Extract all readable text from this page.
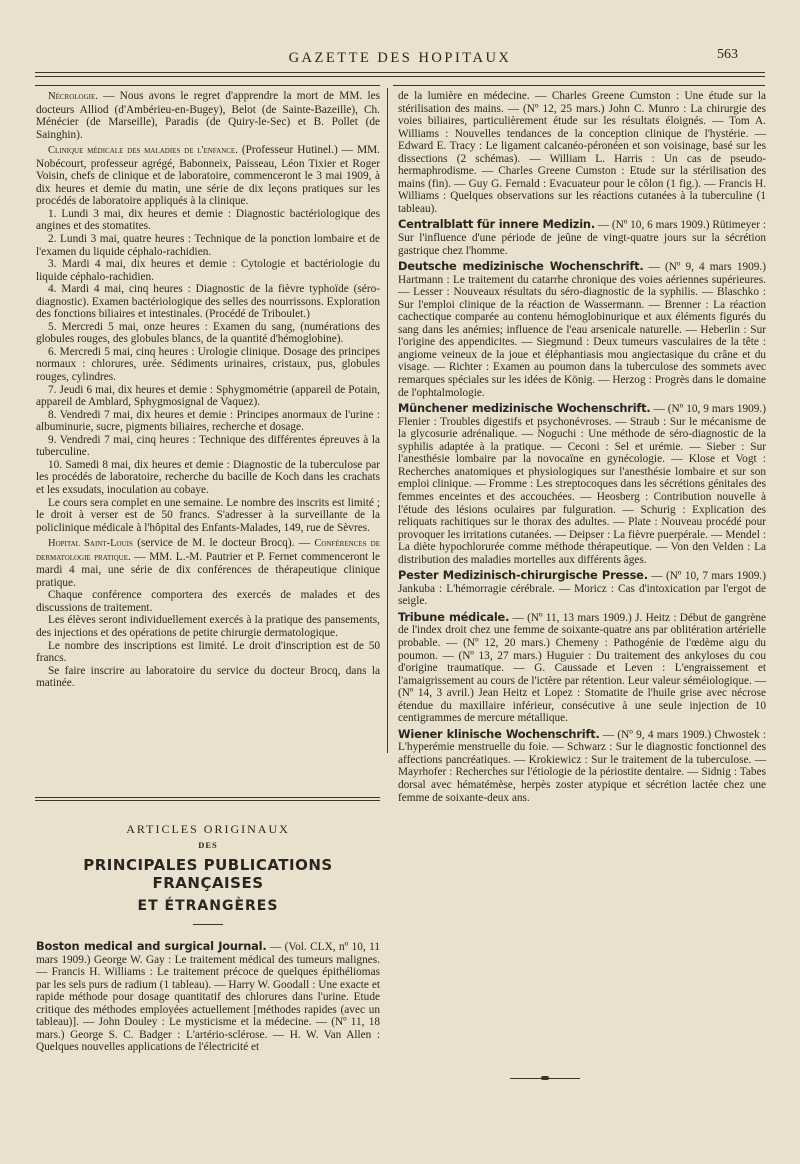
GAZETTE DES HOPITAUX	563

Nécrologie. — Nous avons le regret d'apprendre la mort de MM. les docteurs Alliod (d'Ambérieu-en-Bugey), Belot (de Sainte-Bazeille), Ch. Ménécier (de Marseille), Paradis (de Quiry-le-Sec) et B. Pollet (de Sainghin).

Clinique médicale des maladies de l'enfance. (Professeur Hutinel.) — MM. Nobécourt, professeur agrégé, Babonneix, Paisseau, Léon Tixier et Roger Voisin, chefs de clinique et de laboratoire, commenceront le 3 mai 1909, à dix heures et demie du matin, une série de dix leçons pratiques sur les procédés de laboratoire appliqués à la clinique.

1. Lundi 3 mai, dix heures et demie : Diagnostic bactériologique des angines et des stomatites.

2. Lundi 3 mai, quatre heures : Technique de la ponction lombaire et de l'examen du liquide céphalo-rachidien.

3. Mardi 4 mai, dix heures et demie : Cytologie et bactériologie du liquide céphalo-rachidien.

4. Mardi 4 mai, cinq heures : Diagnostic de la fièvre typhoïde (séro-diagnostic). Examen bactériologique des selles des nourrissons. Exploration des fonctions biliaires et intestinales. (Procédé de Triboulet.)

5. Mercredi 5 mai, onze heures : Examen du sang, (numérations des globules rouges, des globules blancs, de la quantité d'hémoglobine).

6. Mercredi 5 mai, cinq heures : Urologie clinique. Dosage des principes normaux : chlorures, urée. Sédiments urinaires, cristaux, pus, globules rouges, cylindres.

7. Jeudi 6 mai, dix heures et demie : Sphygmométrie (appareil de Potain, appareil de Amblard, Sphygmosignal de Vaquez).

8. Vendredi 7 mai, dix heures et demie : Principes anormaux de l'urine : albuminurie, sucre, pigments biliaires, recherche et dosage.

9. Vendredi 7 mai, cinq heures : Technique des différentes épreuves à la tuberculine.

10. Samedi 8 mai, dix heures et demie : Diagnostic de la tuberculose par les procédés de laboratoire, recherche du bacille de Koch dans les crachats et les exsudats, inoculation au cobaye.

Le cours sera complet en une semaine. Le nombre des inscrits est limité ; le droit à verser est de 50 francs. S'adresser à la surveillante de la policlinique médicale à l'hôpital des Enfants-Malades, 149, rue de Sèvres.

Hopital Saint-Louis (service de M. le docteur Brocq). — Conférences de dermatologie pratique. — MM. L.-M. Pautrier et P. Fernet commenceront le mardi 4 mai, une série de dix conférences de thérapeutique clinique pratique.

Chaque conférence comportera des exercés de malades et des discussions de traitement.

Les élèves seront individuellement exercés à la pratique des pansements, des injections et des opérations de petite chirurgie dermatologique.

Le nombre des inscriptions est limité. Le droit d'inscription est de 50 francs.

Se faire inscrire au laboratoire du service du docteur Brocq, dans la matinée.

ARTICLES ORIGINAUX
DES
PRINCIPALES PUBLICATIONS FRANÇAISES
ET ÉTRANGÈRES

Boston medical and surgical Journal. — (Vol. CLX, nº 10, 11 mars 1909.) George W. Gay : Le traitement médical des tumeurs malignes. — Francis H. Williams : Le traitement précoce de quelques épithéliomas par les sels purs de radium (1 tableau). — Harry W. Goodall : Une exacte et rapide méthode pour dosage quantitatif des chlorures dans l'urine. Etude critique des méthodes employées actuellement [méthodes rapides (avec un tableau)]. — John Douley : Le mysticisme et la médecine. — (Nº 11, 18 mars.) George S. C. Badger : L'artério-sclérose. — H. W. Van Allen : Quelques nouvelles applications de l'électricité et

de la lumière en médecine. — Charles Greene Cumston : Une étude sur la stérilisation des mains. — (Nº 12, 25 mars.) John C. Munro : La chirurgie des voies biliaires, particulièrement étude sur les résultats éloignés. — Tom A. Williams : Nouvelles tendances de la conception clinique de l'hystérie. — Edward E. Tracy : Le ligament calcanéo-péronéen et son voisinage, basé sur les dissections (2 schémas). — William L. Harris : Un cas de pseudo-hermaphrodisme. — Charles Greene Cumston : Etude sur la stérilisation des mains (fin). — Guy G. Fernald : Evacuateur pour le côlon (1 fig.). — Francis H. Williams : Quelques observations sur les réactions cutanées à la tuberculine (1 tableau).

Centralblatt für innere Medizin. — (Nº 10, 6 mars 1909.) Rütimeyer : Sur l'influence d'une période de jeûne de vingt-quatre jours sur la sécrétion gastrique chez l'homme.

Deutsche medizinische Wochenschrift. — (Nº 9, 4 mars 1909.) Hartmann : Le traitement du catarrhe chronique des voies aériennes supérieures. — Lesser : Nouveaux résultats du séro-diagnostic de la syphilis. — Blaschko : Sur l'emploi clinique de la réaction de Wassermann. — Brenner : La réaction cachectique comparée au contenu hémoglobinurique et aux éléments figurés du sang dans les anémies; influence de l'eau arsenicale naturelle. — Heberlin : Sur l'origine des appendicites. — Siegmund : Deux tumeurs vasculaires de la tête : angiome veineux de la joue et éléphantiasis mou angiectasique du crâne et du visage. — Richter : Examen au poumon dans la tuberculose des sommets avec remarques spéciales sur les idées de König. — Herzog : Progrès dans le domaine de l'ophtalmologie.

Münchener medizinische Wochenschrift. — (Nº 10, 9 mars 1909.) Flenier : Troubles digestifs et psychonévroses. — Straub : Sur le mécanisme de la glycosurie adrénalique. — Noguchi : Une méthode de séro-diagnostic de la syphilis adaptée à la pratique. — Ceconi : Sel et urémie. — Sieber : Sur l'anesthésie lombaire par la novocaïne en gynécologie. — Klose et Vogt : Recherches anatomiques et physiologiques sur l'anesthésie lombaire et sur son emploi clinique. — Fromme : Les streptocoques dans les sécrétions génitales des femmes enceintes et des accouchées. — Heosberg : Contribution nouvelle à l'étude des lésions oculaires par fulguration. — Schurig : Explication des reliquats rachitiques sur le thorax des adultes. — Plate : Nouveau procédé pour provoquer les irritations cutanées. — Deipser : La fièvre puerpérale. — Mendel : La diète hypochlorurée comme méthode thérapeutique. — Von den Velden : La distribution des maladies mortelles aux différents âges.

Pester Medizinisch-chirurgische Presse. — (Nº 10, 7 mars 1909.) Jankuba : L'hémorragie cérébrale. — Moricz : Cas d'intoxication par l'ergot de seigle.

Tribune médicale. — (Nº 11, 13 mars 1909.) J. Heitz : Début de gangrène de l'index droit chez une femme de soixante-quatre ans par oblitération artérielle probable. — (Nº 12, 20 mars.) Chemeny : Pathogénie de l'œdème aigu du poumon. — (Nº 13, 27 mars.) Huguier : Du traitement des ankyloses du cou d'origine traumatique. — G. Caussade et Leven : L'engraissement et l'amaigrissement au cours de l'ictère par rétention. Leur valeur séméiologique. — (Nº 14, 3 avril.) Jean Heitz et Lopez : Stomatite de l'huile grise avec nécrose étendue du maxillaire inférieur, consécutive à une seule injection de 10 centigrammes de mercure métallique.

Wiener klinische Wochenschrift. — (Nº 9, 4 mars 1909.) Chwostek : L'hyperémie menstruelle du foie. — Schwarz : Sur le diagnostic fonctionnel des affections pancréatiques. — Krokiewicz : Sur le traitement de la tuberculose. — Mayrhofer : Recherches sur l'étiologie de la périostite dentaire. — Sidnig : Tabes dorsal avec hématémèse, herpès zoster atypique et sécrétion lactée chez une femme de soixante-deux ans.
